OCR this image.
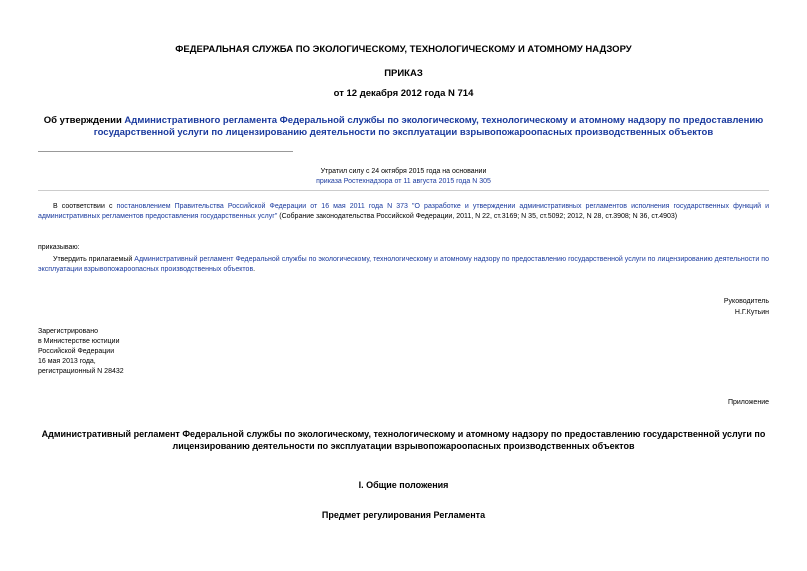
ФЕДЕРАЛЬНАЯ СЛУЖБА ПО ЭКОЛОГИЧЕСКОМУ, ТЕХНОЛОГИЧЕСКОМУ И АТОМНОМУ НАДЗОРУ
ПРИКАЗ
от 12 декабря 2012 года N 714
Об утверждении Административного регламента Федеральной службы по экологическому, технологическому и атомному надзору по предоставлению государственной услуги по лицензированию деятельности по эксплуатации взрывопожароопасных производственных объектов
Утратил силу с 24 октября 2015 года на основании
приказа Ростехнадзора от 11 августа 2015 года N 305
В соответствии с постановлением Правительства Российской Федерации от 16 мая 2011 года N 373 "О разработке и утверждении административных регламентов исполнения государственных функций и административных регламентов предоставления государственных услуг" (Собрание законодательства Российской Федерации, 2011, N 22, ст.3169; N 35, ст.5092; 2012, N 28, ст.3908; N 36, ст.4903)
приказываю:
Утвердить прилагаемый Административный регламент Федеральной службы по экологическому, технологическому и атомному надзору по предоставлению государственной услуги по лицензированию деятельности по эксплуатации взрывопожароопасных производственных объектов.
Руководитель
Н.Г.Кутьин
Зарегистрировано
в Министерстве юстиции
Российской Федерации
16 мая 2013 года,
регистрационный N 28432
Приложение
Административный регламент Федеральной службы по экологическому, технологическому и атомному надзору по предоставлению государственной услуги по лицензированию деятельности по эксплуатации взрывопожароопасных производственных объектов
I. Общие положения
Предмет регулирования Регламента
